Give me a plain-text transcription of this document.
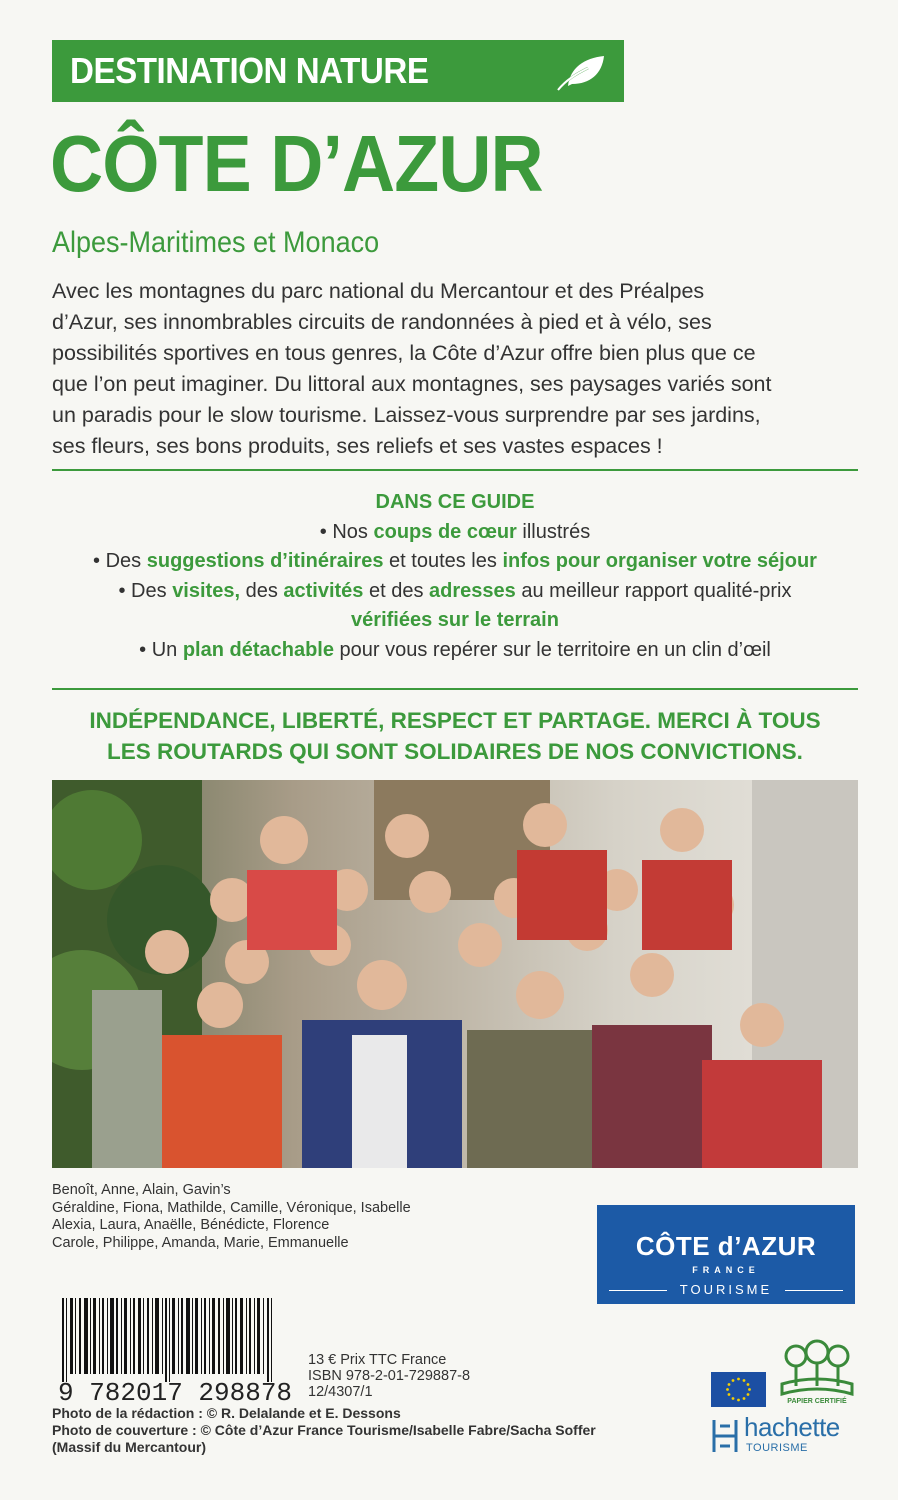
DESTINATION NATURE
CÔTE D’AZUR
Alpes-Maritimes et Monaco
Avec les montagnes du parc national du Mercantour et des Préalpes
d’Azur, ses innombrables circuits de randonnées à pied et à vélo, ses
possibilités sportives en tous genres, la Côte d’Azur offre bien plus que ce
que l’on peut imaginer. Du littoral aux montagnes, ses paysages variés sont
un paradis pour le slow tourisme. Laissez-vous surprendre par ses jardins,
ses fleurs, ses bons produits, ses reliefs et ses vastes espaces !
DANS CE GUIDE
• Nos coups de cœur illustrés
• Des suggestions d’itinéraires et toutes les infos pour organiser votre séjour
• Des visites, des activités et des adresses au meilleur rapport qualité-prix
vérifiées sur le terrain
• Un plan détachable pour vous repérer sur le territoire en un clin d’œil
INDÉPENDANCE, LIBERTÉ, RESPECT ET PARTAGE. MERCI À TOUS
LES ROUTARDS QUI SONT SOLIDAIRES DE NOS CONVICTIONS.
Benoît, Anne, Alain, Gavin’s
Géraldine, Fiona, Mathilde, Camille, Véronique, Isabelle
Alexia, Laura, Anaëlle, Bénédicte, Florence
Carole, Philippe, Amanda, Marie, Emmanuelle	CÔTE d’AZUR
FRANCE
TOURISME
9 782017 298878
13 € Prix TTC France
ISBN 978-2-01-729887-8
12/4307/1
Photo de la rédaction : © R. Delalande et E. Dessons
Photo de couverture : © Côte d’Azur France Tourisme/Isabelle Fabre/Sacha Soffer
(Massif du Mercantour)
PAPIER CERTIFIÉ
hachette
TOURISME
